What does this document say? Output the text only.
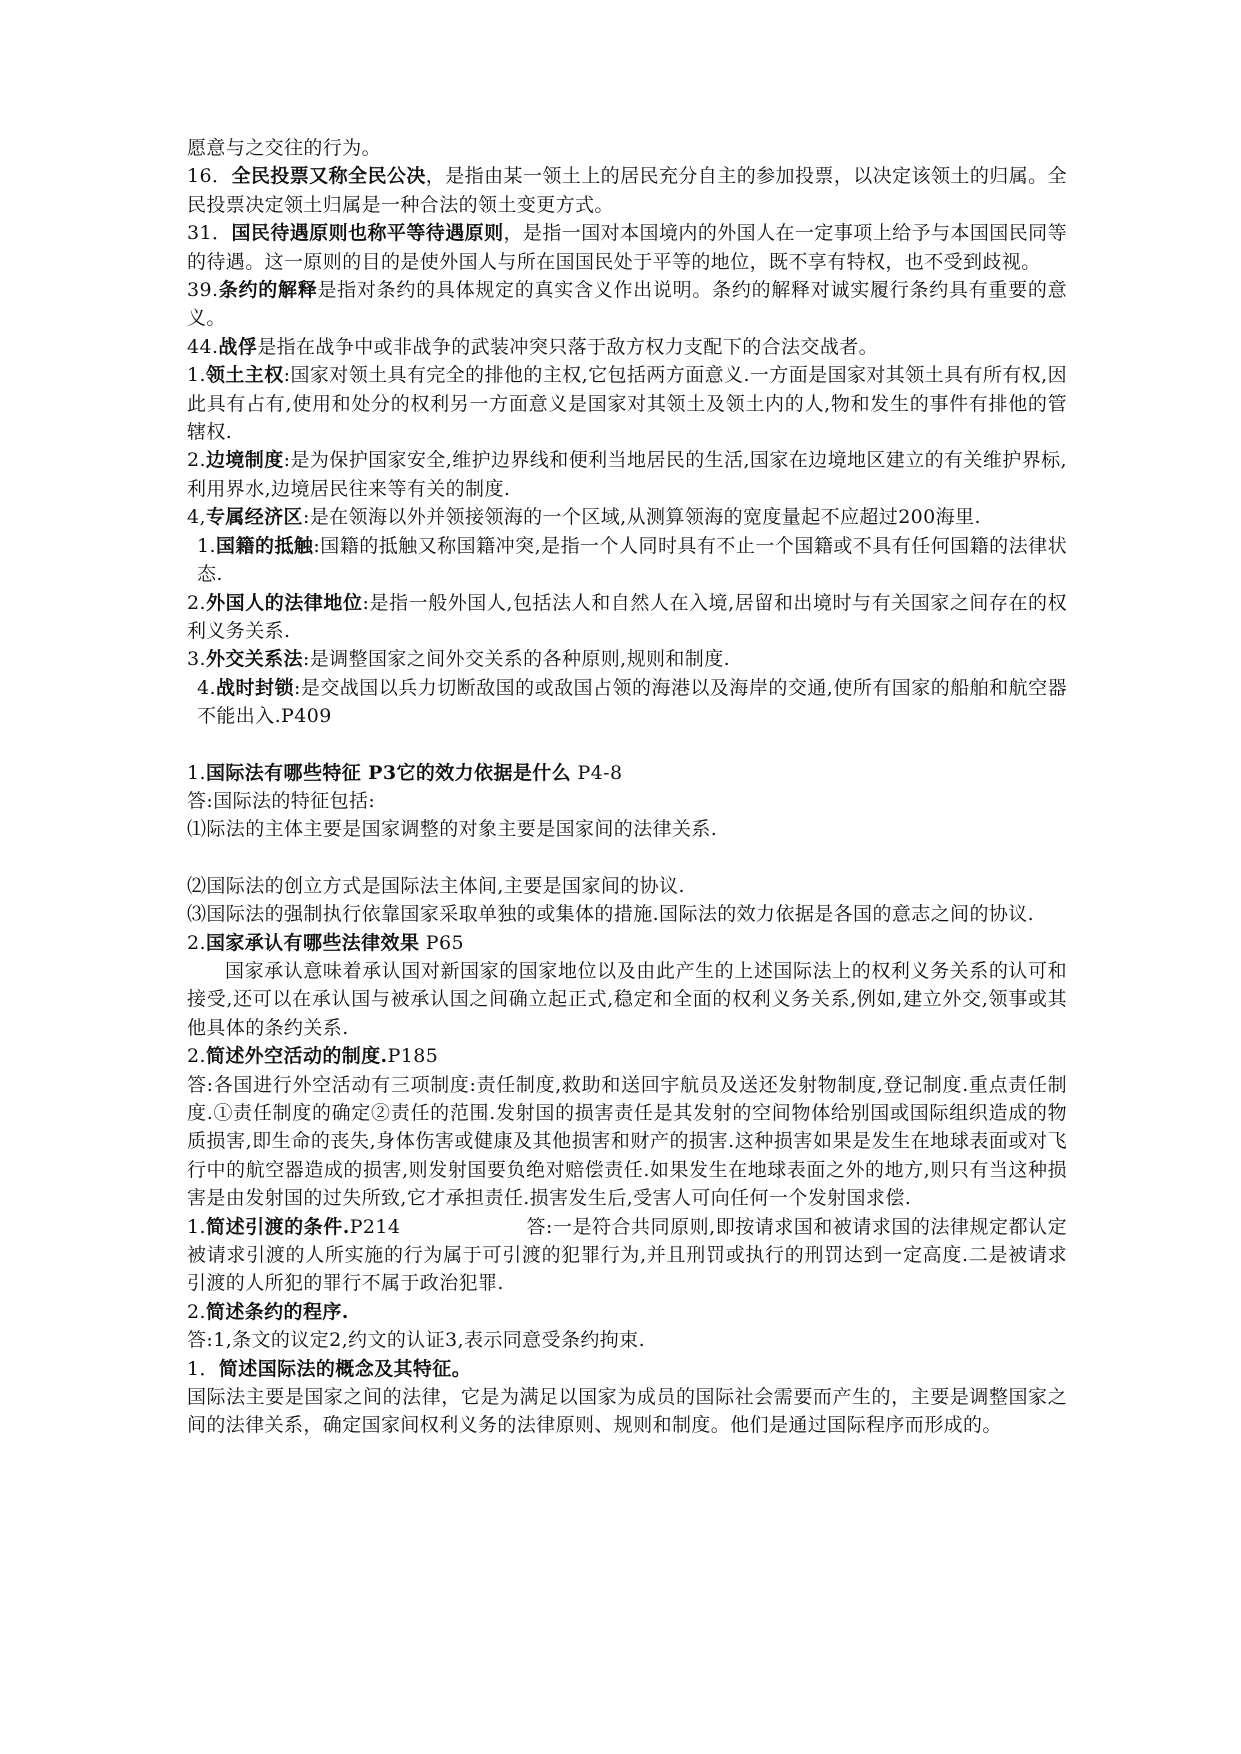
愿意与之交往的行为。

16．全民投票又称全民公决，是指由某一领土上的居民充分自主的参加投票，以决定该领土的归属。全民投票决定领土归属是一种合法的领土变更方式。

31．国民待遇原则也称平等待遇原则，是指一国对本国境内的外国人在一定事项上给予与本国国民同等的待遇。这一原则的目的是使外国人与所在国国民处于平等的地位，既不享有特权，也不受到歧视。

39.条约的解释是指对条约的具体规定的真实含义作出说明。条约的解释对诚实履行条约具有重要的意义。

44.战俘是指在战争中或非战争的武装冲突只落于敌方权力支配下的合法交战者。

1.领土主权:国家对领土具有完全的排他的主权,它包括两方面意义.一方面是国家对其领土具有所有权,因此具有占有,使用和处分的权利另一方面意义是国家对其领土及领土内的人,物和发生的事件有排他的管辖权.

2.边境制度:是为保护国家安全,维护边界线和便利当地居民的生活,国家在边境地区建立的有关维护界标,利用界水,边境居民往来等有关的制度.

4,专属经济区:是在领海以外并领接领海的一个区域,从测算领海的宽度量起不应超过200海里.

1.国籍的抵触:国籍的抵触又称国籍冲突,是指一个人同时具有不止一个国籍或不具有任何国籍的法律状态.

2.外国人的法律地位:是指一般外国人,包括法人和自然人在入境,居留和出境时与有关国家之间存在的权利义务关系.

3.外交关系法:是调整国家之间外交关系的各种原则,规则和制度.

4.战时封锁:是交战国以兵力切断敌国的或敌国占领的海港以及海岸的交通,使所有国家的船舶和航空器不能出入.P409

1.国际法有哪些特征 P3它的效力依据是什么 P4-8

答:国际法的特征包括:

⑴际法的主体主要是国家调整的对象主要是国家间的法律关系.

⑵国际法的创立方式是国际法主体间,主要是国家间的协议.

⑶国际法的强制执行依靠国家采取单独的或集体的措施.国际法的效力依据是各国的意志之间的协议.

2.国家承认有哪些法律效果 P65

国家承认意味着承认国对新国家的国家地位以及由此产生的上述国际法上的权利义务关系的认可和接受,还可以在承认国与被承认国之间确立起正式,稳定和全面的权利义务关系,例如,建立外交,领事或其他具体的条约关系.

2.简述外空活动的制度.P185

答:各国进行外空活动有三项制度:责任制度,救助和送回宇航员及送还发射物制度,登记制度.重点责任制度.①责任制度的确定②责任的范围.发射国的损害责任是其发射的空间物体给别国或国际组织造成的物质损害,即生命的丧失,身体伤害或健康及其他损害和财产的损害.这种损害如果是发生在地球表面或对飞行中的航空器造成的损害,则发射国要负绝对赔偿责任.如果发生在地球表面之外的地方,则只有当这种损害是由发射国的过失所致,它才承担责任.损害发生后,受害人可向任何一个发射国求偿.

1.简述引渡的条件.P214	答:一是符合共同原则,即按请求国和被请求国的法律规定都认定被请求引渡的人所实施的行为属于可引渡的犯罪行为,并且刑罚或执行的刑罚达到一定高度.二是被请求引渡的人所犯的罪行不属于政治犯罪.

2.简述条约的程序.

答:1,条文的议定2,约文的认证3,表示同意受条约拘束.

1．简述国际法的概念及其特征。

国际法主要是国家之间的法律，它是为满足以国家为成员的国际社会需要而产生的，主要是调整国家之间的法律关系，确定国家间权利义务的法律原则、规则和制度。他们是通过国际程序而形成的。
